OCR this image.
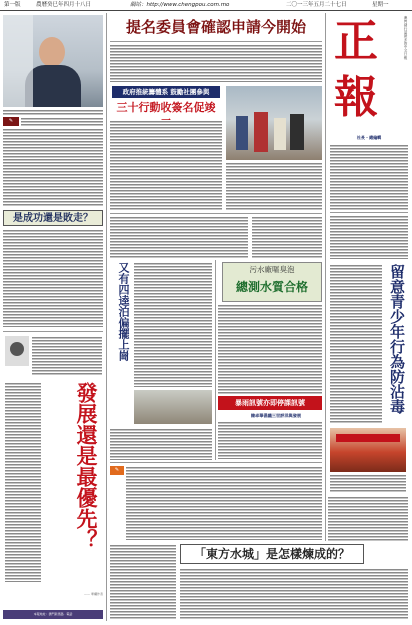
第一版	農曆癸巳年四月十八日	網站：http://www.chengpou.com.mo	二〇一三年五月二十七日	星期一
✎
是成功還是敗走？
發展還是最優先？
—— 專欄作者
本報地址：澳門新馬路 · 電話
提名委員會確認申請今開始
政府推統籌體系 鼓勵社團參與
三十行動收簽名促竣
又有四逵泊偏擺上崗	污水廠嘔臭泡
總測水質合格
暴雨訊號亦即停課訊號
陳卓華倡議三世評洋與發展
✎
「東方水城」是怎樣煉成的？
正
報
澳門發行量最多的中文日報
社長 · 總編輯
留意青少年行為防沾毒
